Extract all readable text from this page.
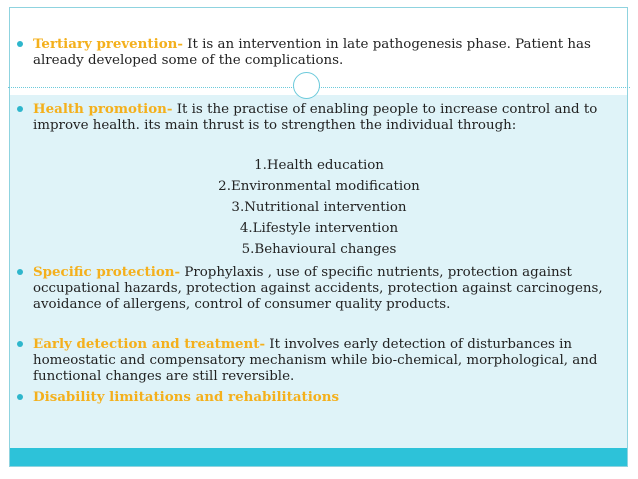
Tertiary prevention- It is an intervention in late pathogenesis phase. Patient has already developed some of the complications.
Health promotion- It is the practise of enabling people to increase control and to improve health. its main thrust is to strengthen the individual through:
1.Health education
2.Environmental modification
3.Nutritional intervention
4.Lifestyle intervention
5.Behavioural changes
Specific protection- Prophylaxis , use of specific nutrients, protection against occupational hazards, protection against accidents, protection against carcinogens, avoidance of allergens, control of consumer quality products.
Early detection and treatment- It involves early detection of disturbances in homeostatic and compensatory mechanism while bio-chemical, morphological, and functional changes are still reversible.
Disability limitations and rehabilitations
